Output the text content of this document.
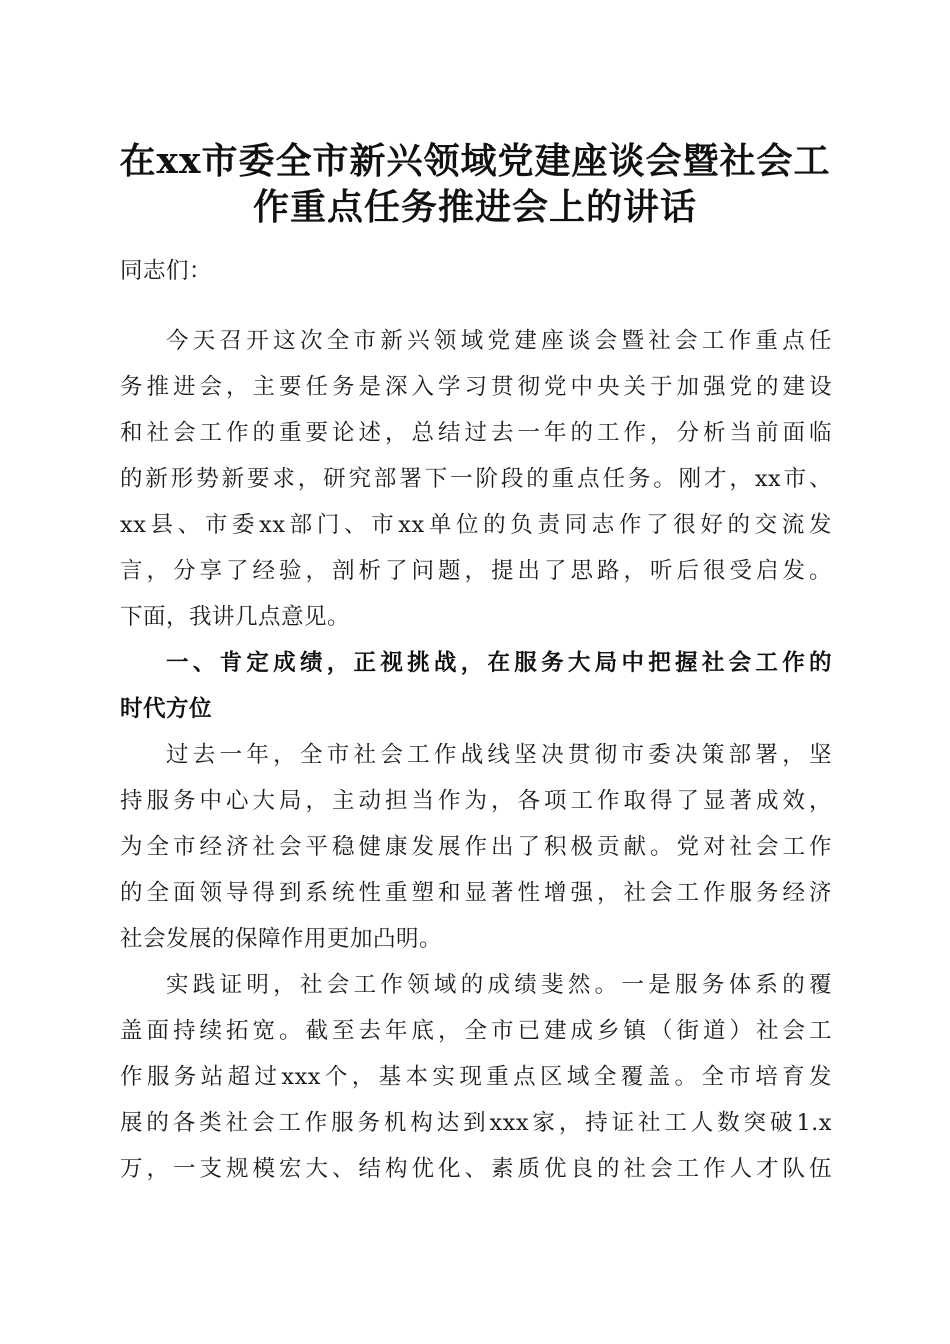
在xx市委全市新兴领域党建座谈会暨社会工
作重点任务推进会上的讲话
同志们：
今天召开这次全市新兴领域党建座谈会暨社会工作重点任
务推进会，主要任务是深入学习贯彻党中央关于加强党的建设
和社会工作的重要论述，总结过去一年的工作，分析当前面临
的新形势新要求，研究部署下一阶段的重点任务。刚才，xx市、
xx县、市委xx部门、市xx单位的负责同志作了很好的交流发
言，分享了经验，剖析了问题，提出了思路，听后很受启发。
下面，我讲几点意见。
一、肯定成绩，正视挑战，在服务大局中把握社会工作的
时代方位
过去一年，全市社会工作战线坚决贯彻市委决策部署，坚
持服务中心大局，主动担当作为，各项工作取得了显著成效，
为全市经济社会平稳健康发展作出了积极贡献。党对社会工作
的全面领导得到系统性重塑和显著性增强，社会工作服务经济
社会发展的保障作用更加凸明。
实践证明，社会工作领域的成绩斐然。一是服务体系的覆
盖面持续拓宽。截至去年底，全市已建成乡镇（街道）社会工
作服务站超过xxx个，基本实现重点区域全覆盖。全市培育发
展的各类社会工作服务机构达到xxx家，持证社工人数突破1.x
万，一支规模宏大、结构优化、素质优良的社会工作人才队伍
